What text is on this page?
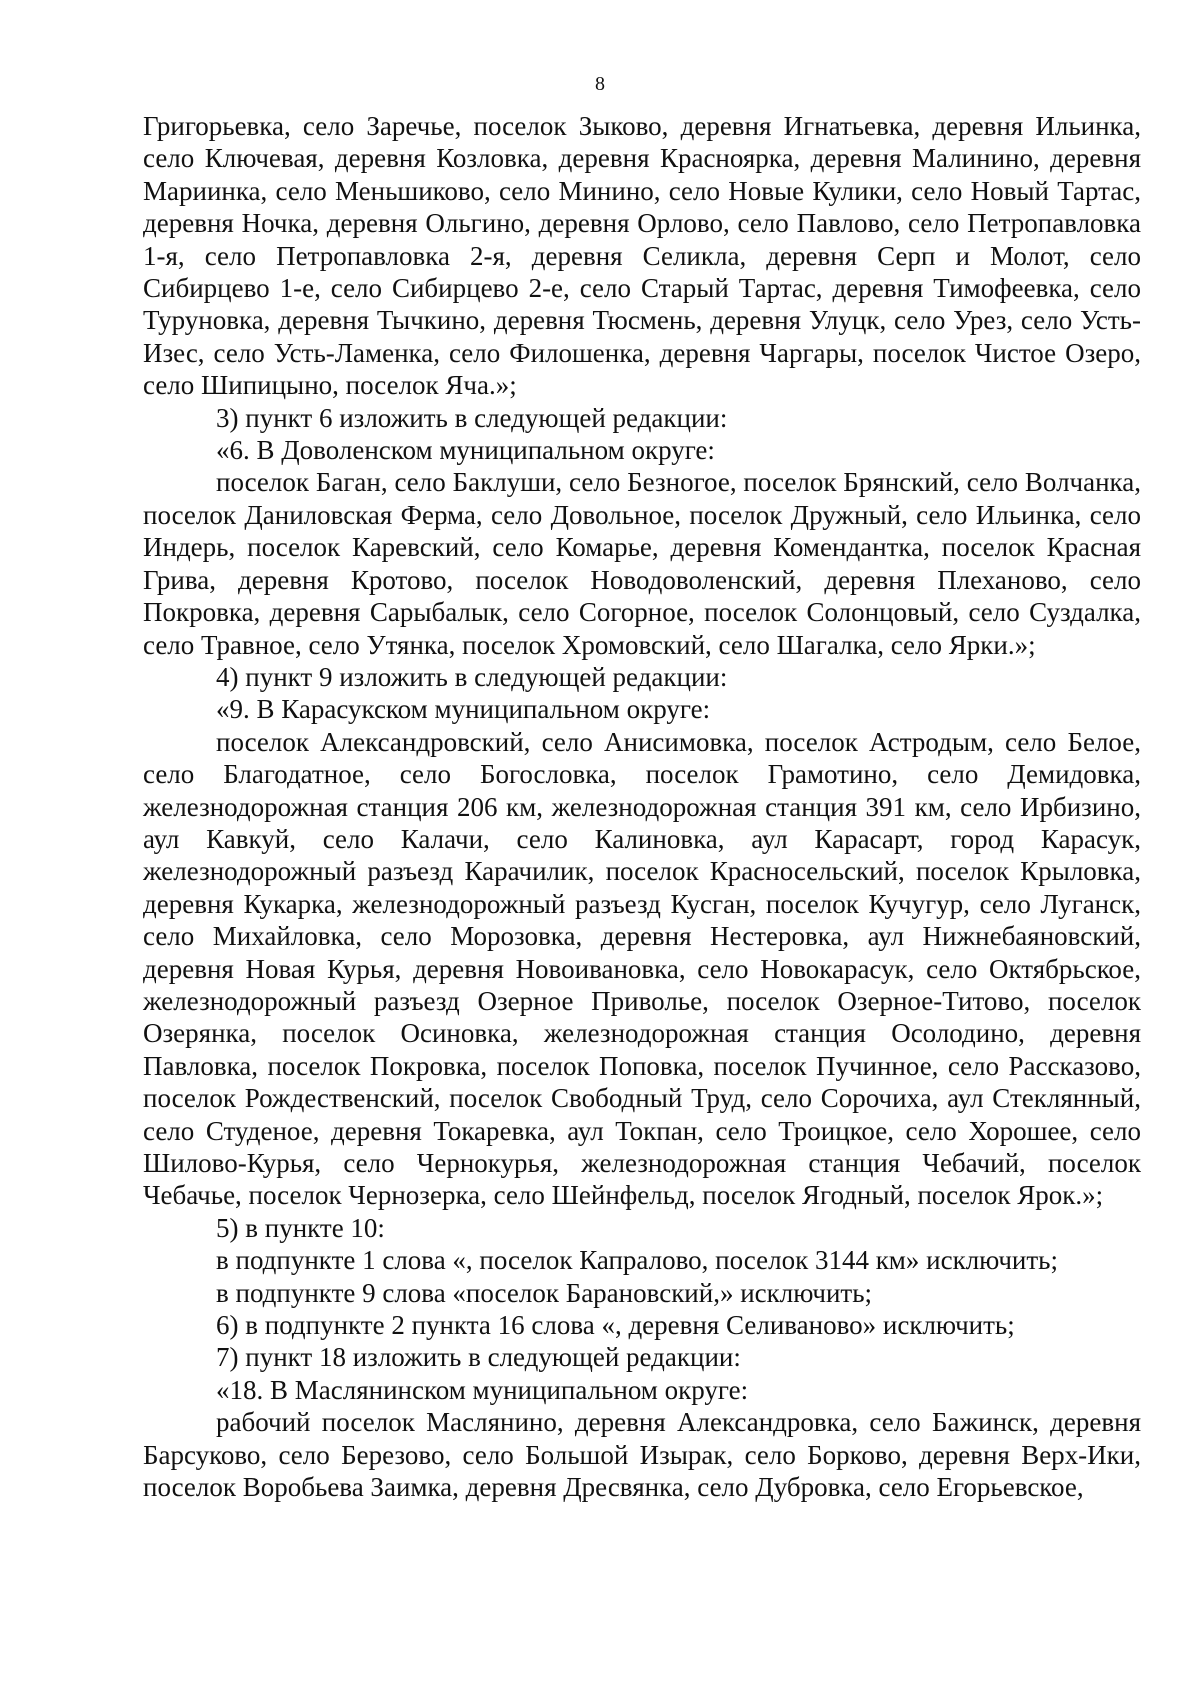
8

Григорьевка, село Заречье, поселок Зыково, деревня Игнатьевка, деревня Ильинка, село Ключевая, деревня Козловка, деревня Красноярка, деревня Малинино, деревня Мариинка, село Меньшиково, село Минино, село Новые Кулики, село Новый Тартас, деревня Ночка, деревня Ольгино, деревня Орлово, село Павлово, село Петропавловка 1-я, село Петропавловка 2-я, деревня Селикла, деревня Серп и Молот, село Сибирцево 1-е, село Сибирцево 2-е, село Старый Тартас, деревня Тимофеевка, село Туруновка, деревня Тычкино, деревня Тюсмень, деревня Улуцк, село Урез, село Усть-Изес, село Усть-Ламенка, село Филошенка, деревня Чаргары, поселок Чистое Озеро, село Шипицыно, поселок Яча.»;

3) пункт 6 изложить в следующей редакции:

«6. В Доволенском муниципальном округе:

поселок Баган, село Баклуши, село Безногое, поселок Брянский, село Волчанка, поселок Даниловская Ферма, село Довольное, поселок Дружный, село Ильинка, село Индерь, поселок Каревский, село Комарье, деревня Комендантка, поселок Красная Грива, деревня Кротово, поселок Новодоволенский, деревня Плеханово, село Покровка, деревня Сарыбалык, село Согорное, поселок Солонцовый, село Суздалка, село Травное, село Утянка, поселок Хромовский, село Шагалка, село Ярки.»;

4) пункт 9 изложить в следующей редакции:

«9. В Карасукском муниципальном округе:

поселок Александровский, село Анисимовка, поселок Астродым, село Белое, село Благодатное, село Богословка, поселок Грамотино, село Демидовка, железнодорожная станция 206 км, железнодорожная станция 391 км, село Ирбизино, аул Кавкуй, село Калачи, село Калиновка, аул Карасарт, город Карасук, железнодорожный разъезд Карачилик, поселок Красносельский, поселок Крыловка, деревня Кукарка, железнодорожный разъезд Кусган, поселок Кучугур, село Луганск, село Михайловка, село Морозовка, деревня Нестеровка, аул Нижнебаяновский, деревня Новая Курья, деревня Новоивановка, село Новокарасук, село Октябрьское, железнодорожный разъезд Озерное Приволье, поселок Озерное-Титово, поселок Озерянка, поселок Осиновка, железнодорожная станция Осолодино, деревня Павловка, поселок Покровка, поселок Поповка, поселок Пучинное, село Рассказово, поселок Рождественский, поселок Свободный Труд, село Сорочиха, аул Стеклянный, село Студеное, деревня Токаревка, аул Токпан, село Троицкое, село Хорошее, село Шилово-Курья, село Чернокурья, железнодорожная станция Чебачий, поселок Чебачье, поселок Чернозерка, село Шейнфельд, поселок Ягодный, поселок Ярок.»;

5) в пункте 10:

в подпункте 1 слова «, поселок Капралово, поселок 3144 км» исключить;

в подпункте 9 слова «поселок Барановский,» исключить;

6) в подпункте 2 пункта 16 слова «, деревня Селиваново» исключить;

7) пункт 18 изложить в следующей редакции:

«18. В Маслянинском муниципальном округе:

рабочий поселок Маслянино, деревня Александровка, село Бажинск, деревня Барсуково, село Березово, село Большой Изырак, село Борково, деревня Верх-Ики, поселок Воробьева Заимка, деревня Дресвянка, село Дубровка, село Егорьевское,
